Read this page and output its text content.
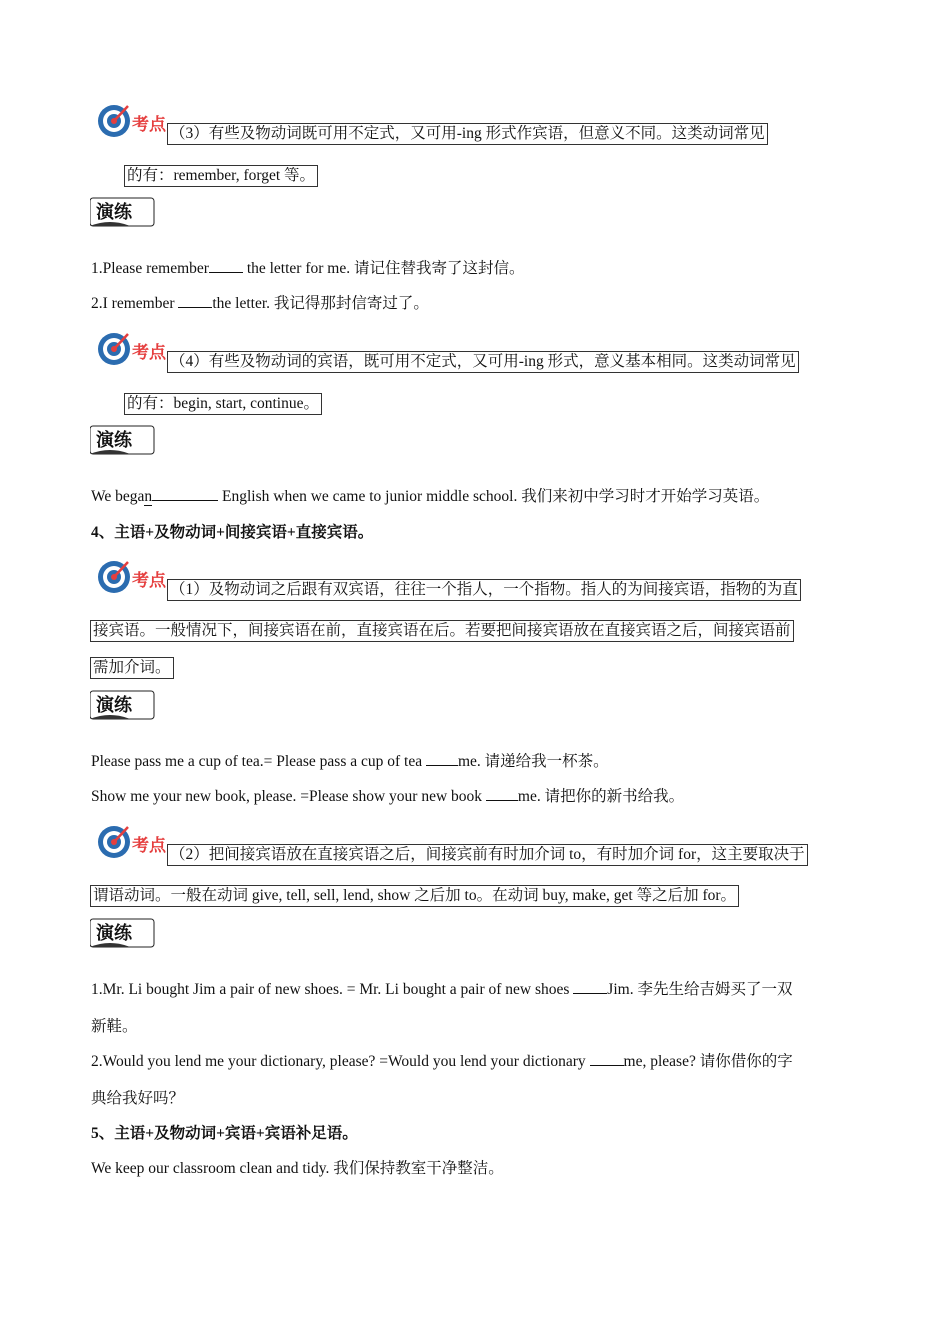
考点 （3）有些及物动词既可用不定式，又可用-ing 形式作宾语，但意义不同。这类动词常见
的有：remember, forget 等。
演练
1.Please remember the letter for me. 请记住替我寄了这封信。
2.I remember the letter. 我记得那封信寄过了。
考点 （4）有些及物动词的宾语，既可用不定式，又可用-ing 形式，意义基本相同。这类动词常见
的有：begin, start, continue。
演练
We began	English when we came to junior middle school. 我们来初中学习时才开始学习英语。
4、主语+及物动词+间接宾语+直接宾语。
考点 （1）及物动词之后跟有双宾语，往往一个指人，一个指物。指人的为间接宾语，指物的为直
接宾语。一般情况下，间接宾语在前，直接宾语在后。若要把间接宾语放在直接宾语之后，间接宾语前
需加介词。
演练
Please pass me a cup of tea.= Please pass a cup of tea me. 请递给我一杯茶。
Show me your new book, please. =Please show your new book me. 请把你的新书给我。
考点 （2）把间接宾语放在直接宾语之后，间接宾前有时加介词 to，有时加介词 for，这主要取决于
谓语动词。一般在动词 give, tell, sell, lend, show 之后加 to。在动词 buy, make, get 等之后加 for。
演练
1.Mr. Li bought Jim a pair of new shoes. = Mr. Li bought a pair of new shoes Jim. 李先生给吉姆买了一双
新鞋。
2.Would you lend me your dictionary, please? =Would you lend your dictionary me, please? 请你借你的字
典给我好吗？
5、主语+及物动词+宾语+宾语补足语。
We keep our classroom clean and tidy. 我们保持教室干净整洁。
